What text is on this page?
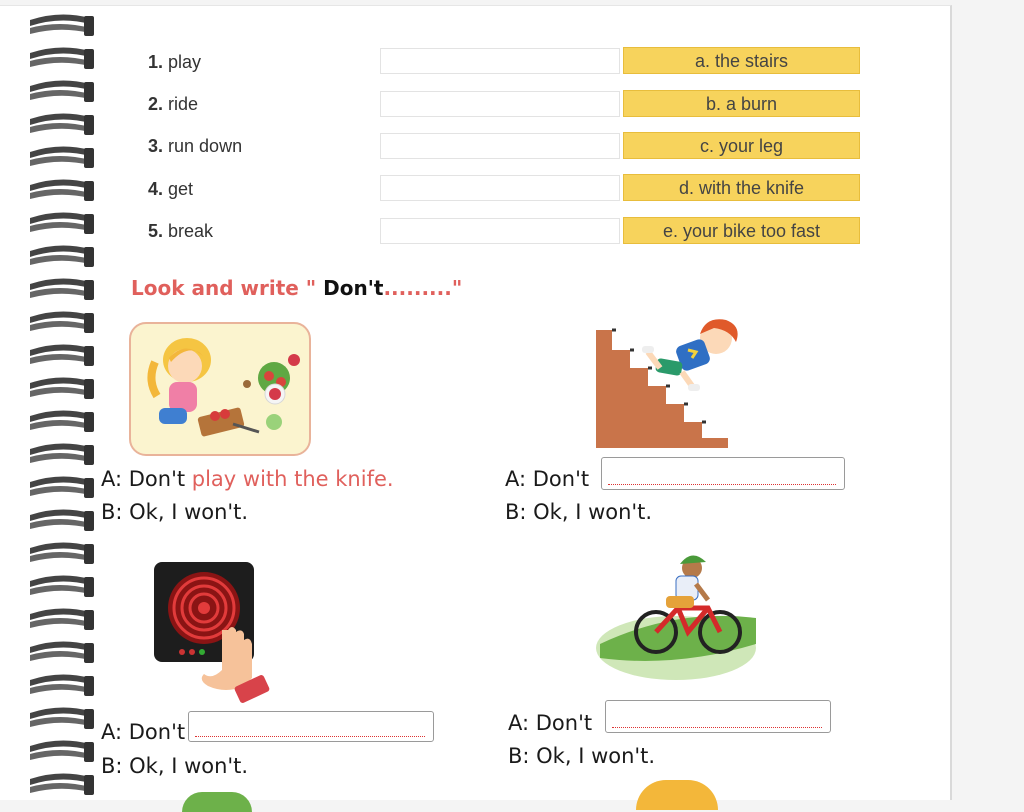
1. play
2. ride
3. run down
4. get
5. break
a. the stairs
b. a burn
c. your leg
d. with the knife
e. your bike too fast
Look and write " Don't........."
A: Don't play with the knife.
B: Ok, I won't.
A: Don't
B: Ok, I won't.
A: Don't
B: Ok, I won't.
A: Don't
B: Ok, I won't.
